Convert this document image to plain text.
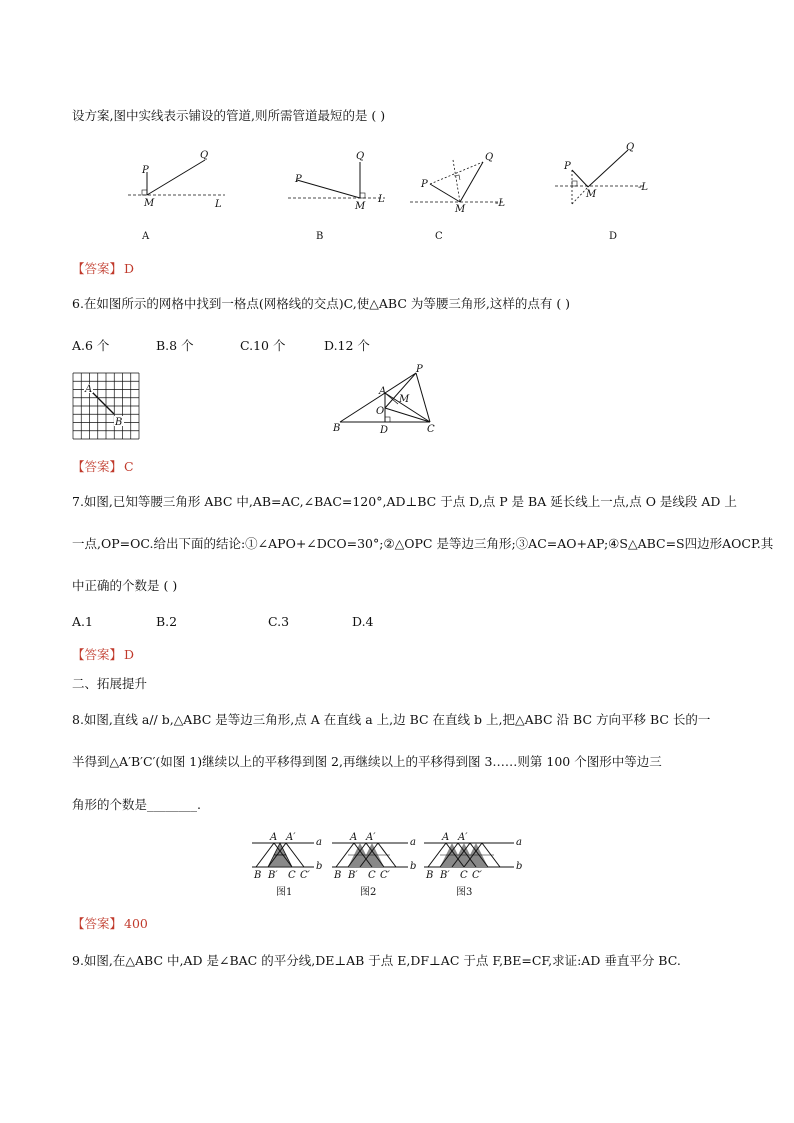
设方案,图中实线表示铺设的管道,则所需管道最短的是 ( )
P
Q
M	L
A
P
Q
M
L
B
P
Q
M
-L
C
P
Q
M
-L
D
【答案】 D
6.在如图所示的网格中找到一格点(网格线的交点)C,使△ABC 为等腰三角形,这样的点有 ( )
A.6 个	B.8 个	C.10 个	D.12 个
A
B
B	D	C
A
P
O
M
【答案】 C
7.如图,已知等腰三角形 ABC 中,AB=AC,∠BAC=120°,AD⊥BC 于点 D,点 P 是 BA 延长线上一点,点 O 是线段 AD 上
一点,OP=OC.给出下面的结论:①∠APO+∠DCO=30°;②△OPC 是等边三角形;③AC=AO+AP;④S△ABC=S四边形AOCP.其
中正确的个数是 ( )
A.1	B.2	C.3	D.4
【答案】 D
二、拓展提升
8.如图,直线 a// b,△ABC 是等边三角形,点 A 在直线 a 上,边 BC 在直线 b 上,把△ABC 沿 BC 方向平移 BC 长的一
半得到△A′B′C′(如图 1)继续以上的平移得到图 2,再继续以上的平移得到图 3……则第 100 个图形中等边三
角形的个数是________.
A A′ a
b
B B′ C C′
图1
A A′	a
b
B B′ C C′
图2
A A′	a
b
B B′ C C′
图3
【答案】 400
9.如图,在△ABC 中,AD 是∠BAC 的平分线,DE⊥AB 于点 E,DF⊥AC 于点 F,BE=CF,求证:AD 垂直平分 BC.
